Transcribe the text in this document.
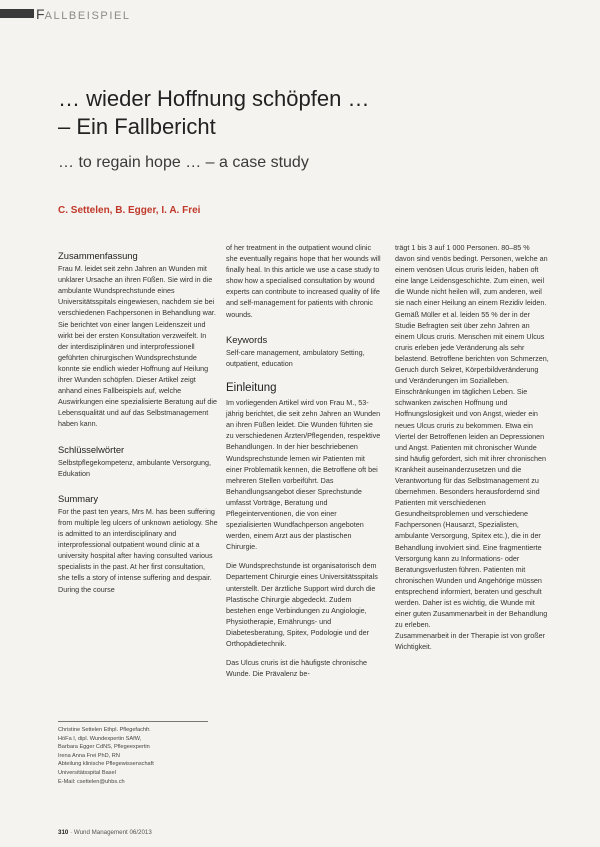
FALLBEISPIEL
… wieder Hoffnung schöpfen …
– Ein Fallbericht
… to regain hope … – a case study
C. Settelen, B. Egger, I. A. Frei
Zusammenfassung

Frau M. leidet seit zehn Jahren an Wunden mit unklarer Ursache an ihren Füßen. Sie wird in die ambulante Wundsprechstunde eines Universitätsspitals eingewiesen, nachdem sie bei verschiedenen Fachpersonen in Behandlung war. Sie berichtet von einer langen Leidenszeit und wirkt bei der ersten Konsultation verzweifelt. In der interdisziplinären und interprofessionell geführten chirurgischen Wundsprechstunde konnte sie endlich wieder Hoffnung auf Heilung ihrer Wunden schöpfen. Dieser Artikel zeigt anhand eines Fallbeispiels auf, welche Auswirkungen eine spezialisierte Beratung auf die Lebensqualität und auf das Selbstmanagement haben kann.

Schlüsselwörter

Selbstpflegekompetenz, ambulante Versorgung, Edukation

Summary

For the past ten years, Mrs M. has been suffering from multiple leg ulcers of unknown aetiology. She is admitted to an interdisciplinary and interprofessional outpatient wound clinic at a university hospital after having consulted various specialists in the past. At her first consultation, she tells a story of intense suffering and despair. During the course

of her treatment in the outpatient wound clinic she eventually regains hope that her wounds will finally heal. In this article we use a case study to show how a specialised consultation by wound experts can contribute to increased quality of life and self-management for patients with chronic wounds.

Keywords

Self-care management, ambulatory Setting, outpatient, education

Einleitung

Im vorliegenden Artikel wird von Frau M., 53-jährig berichtet, die seit zehn Jahren an Wunden an ihren Füßen leidet. Die Wunden führten sie zu verschiedenen Ärzten/Pflegenden, respektive Behandlungen. In der hier beschriebenen Wundsprechstunde lernen wir Patienten mit einer Problematik kennen, die Betroffene oft bei mehreren Stellen vorbeiführt. Das Behandlungsangebot dieser Sprechstunde umfasst Vorträge, Beratung und Pflegeinterventionen, die von einer spezialisierten Wundfachperson angeboten werden, einem Arzt aus der plastischen Chirurgie.

Die Wundsprechstunde ist organisatorisch dem Departement Chirurgie eines Universitätsspitals unterstellt. Der ärztliche Support wird durch die Plastische Chirurgie abgedeckt. Zudem bestehen enge Verbindungen zu Angiologie, Physiotherapie, Ernährungs- und Diabetesberatung, Spitex, Podologie und der Orthopädietechnik.

Das Ulcus cruris ist die häufigste chronische Wunde. Die Prävalenz be-

trägt 1 bis 3 auf 1 000 Personen. 80–85 % davon sind venös bedingt. Personen, welche an einem venösen Ulcus cruris leiden, haben oft eine lange Leidensgeschichte. Zum einen, weil die Wunde nicht heilen will, zum anderen, weil sie nach einer Heilung an einem Rezidiv leiden. Gemäß Müller et al. leiden 55 % der in der Studie Befragten seit über zehn Jahren an einem Ulcus cruris. Menschen mit einem Ulcus cruris erleben jede Veränderung als sehr belastend. Betroffene berichten von Schmerzen, Geruch durch Sekret, Körperbildveränderung und Veränderungen im Sozialleben. Einschränkungen im täglichen Leben. Sie schwanken zwischen Hoffnung und Hoffnungslosigkeit und von Angst, wieder ein neues Ulcus cruris zu bekommen. Etwa ein Viertel der Betroffenen leiden an Depressionen und Angst. Patienten mit chronischer Wunde sind häufig gefordert, sich mit ihrer chronischen Krankheit auseinanderzusetzen und die Verantwortung für das Selbstmanagement zu übernehmen. Besonders herausfordernd sind Patienten mit verschiedenen Gesundheitsproblemen und verschiedene Fachpersonen (Hausarzt, Spezialisten, ambulante Versorgung, Spitex etc.), die in der Behandlung involviert sind. Eine fragmentierte Versorgung kann zu Informations- oder Beratungsverlusten führen. Patienten mit chronischen Wunden und Angehörige müssen entsprechend informiert, beraten und geschult werden. Daher ist es wichtig, die Wunde mit einer guten Zusammenarbeit in der Behandlung zu erleben.

Zusammenarbeit in der Therapie ist von großer Wichtigkeit.

Christine Settelen Ethpl. Pflegefachfr.
HöFa I, dipl. Wundexpertin SAfW,
Barbara Egger CdNS, Pflegeexpertin
Irena Anna Frei PhD, RN
Abteilung klinische Pflegewissenschaft
Universitätsspital Basel
E-Mail: csettelen@uhbs.ch
310 · Wund Management 06/2013
